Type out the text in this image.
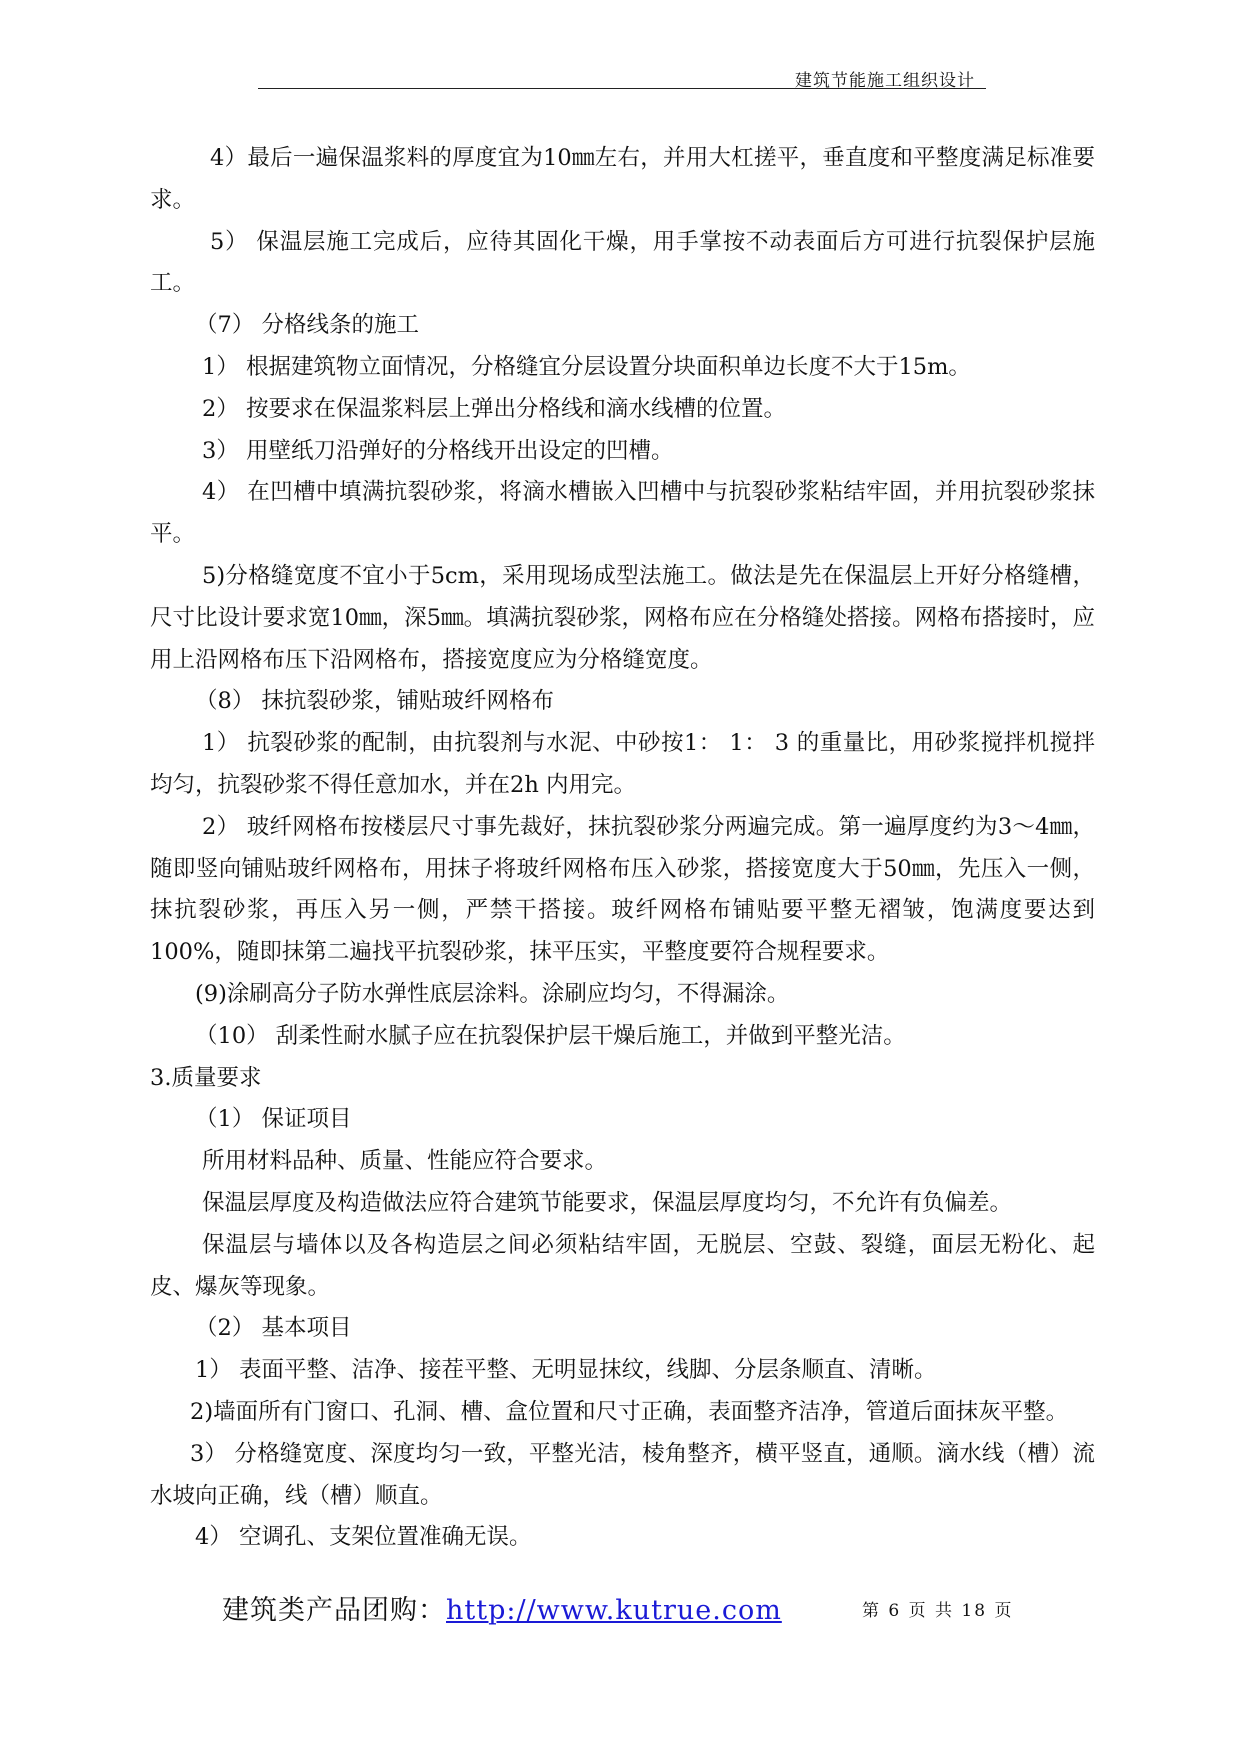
建筑节能施工组织设计

4）最后一遍保温浆料的厚度宜为10㎜左右，并用大杠搓平，垂直度和平整度满足标准要求。

5） 保温层施工完成后，应待其固化干燥，用手掌按不动表面后方可进行抗裂保护层施工。

（7） 分格线条的施工

1） 根据建筑物立面情况，分格缝宜分层设置分块面积单边长度不大于15m。

2） 按要求在保温浆料层上弹出分格线和滴水线槽的位置。

3） 用壁纸刀沿弹好的分格线开出设定的凹槽。

4） 在凹槽中填满抗裂砂浆，将滴水槽嵌入凹槽中与抗裂砂浆粘结牢固，并用抗裂砂浆抹平。

5)分格缝宽度不宜小于5cm，采用现场成型法施工。做法是先在保温层上开好分格缝槽，尺寸比设计要求宽10㎜，深5㎜。填满抗裂砂浆，网格布应在分格缝处搭接。网格布搭接时，应用上沿网格布压下沿网格布，搭接宽度应为分格缝宽度。

（8） 抹抗裂砂浆，铺贴玻纤网格布

1） 抗裂砂浆的配制，由抗裂剂与水泥、中砂按1： 1： 3 的重量比，用砂浆搅拌机搅拌均匀，抗裂砂浆不得任意加水，并在2h 内用完。

2） 玻纤网格布按楼层尺寸事先裁好，抹抗裂砂浆分两遍完成。第一遍厚度约为3～4㎜，随即竖向铺贴玻纤网格布，用抹子将玻纤网格布压入砂浆，搭接宽度大于50㎜，先压入一侧，抹抗裂砂浆，再压入另一侧，严禁干搭接。玻纤网格布铺贴要平整无褶皱，饱满度要达到100%，随即抹第二遍找平抗裂砂浆，抹平压实，平整度要符合规程要求。

(9)涂刷高分子防水弹性底层涂料。涂刷应均匀，不得漏涂。

（10） 刮柔性耐水腻子应在抗裂保护层干燥后施工，并做到平整光洁。

3.质量要求

（1） 保证项目

所用材料品种、质量、性能应符合要求。

保温层厚度及构造做法应符合建筑节能要求，保温层厚度均匀，不允许有负偏差。

保温层与墙体以及各构造层之间必须粘结牢固，无脱层、空鼓、裂缝，面层无粉化、起皮、爆灰等现象。

（2） 基本项目

1） 表面平整、洁净、接茬平整、无明显抹纹，线脚、分层条顺直、清晰。

2)墙面所有门窗口、孔洞、槽、盒位置和尺寸正确，表面整齐洁净，管道后面抹灰平整。

3） 分格缝宽度、深度均匀一致，平整光洁，棱角整齐，横平竖直，通顺。滴水线（槽）流水坡向正确，线（槽）顺直。

4） 空调孔、支架位置准确无误。

建筑类产品团购：http://www.kutrue.com	第 6 页 共 18 页
